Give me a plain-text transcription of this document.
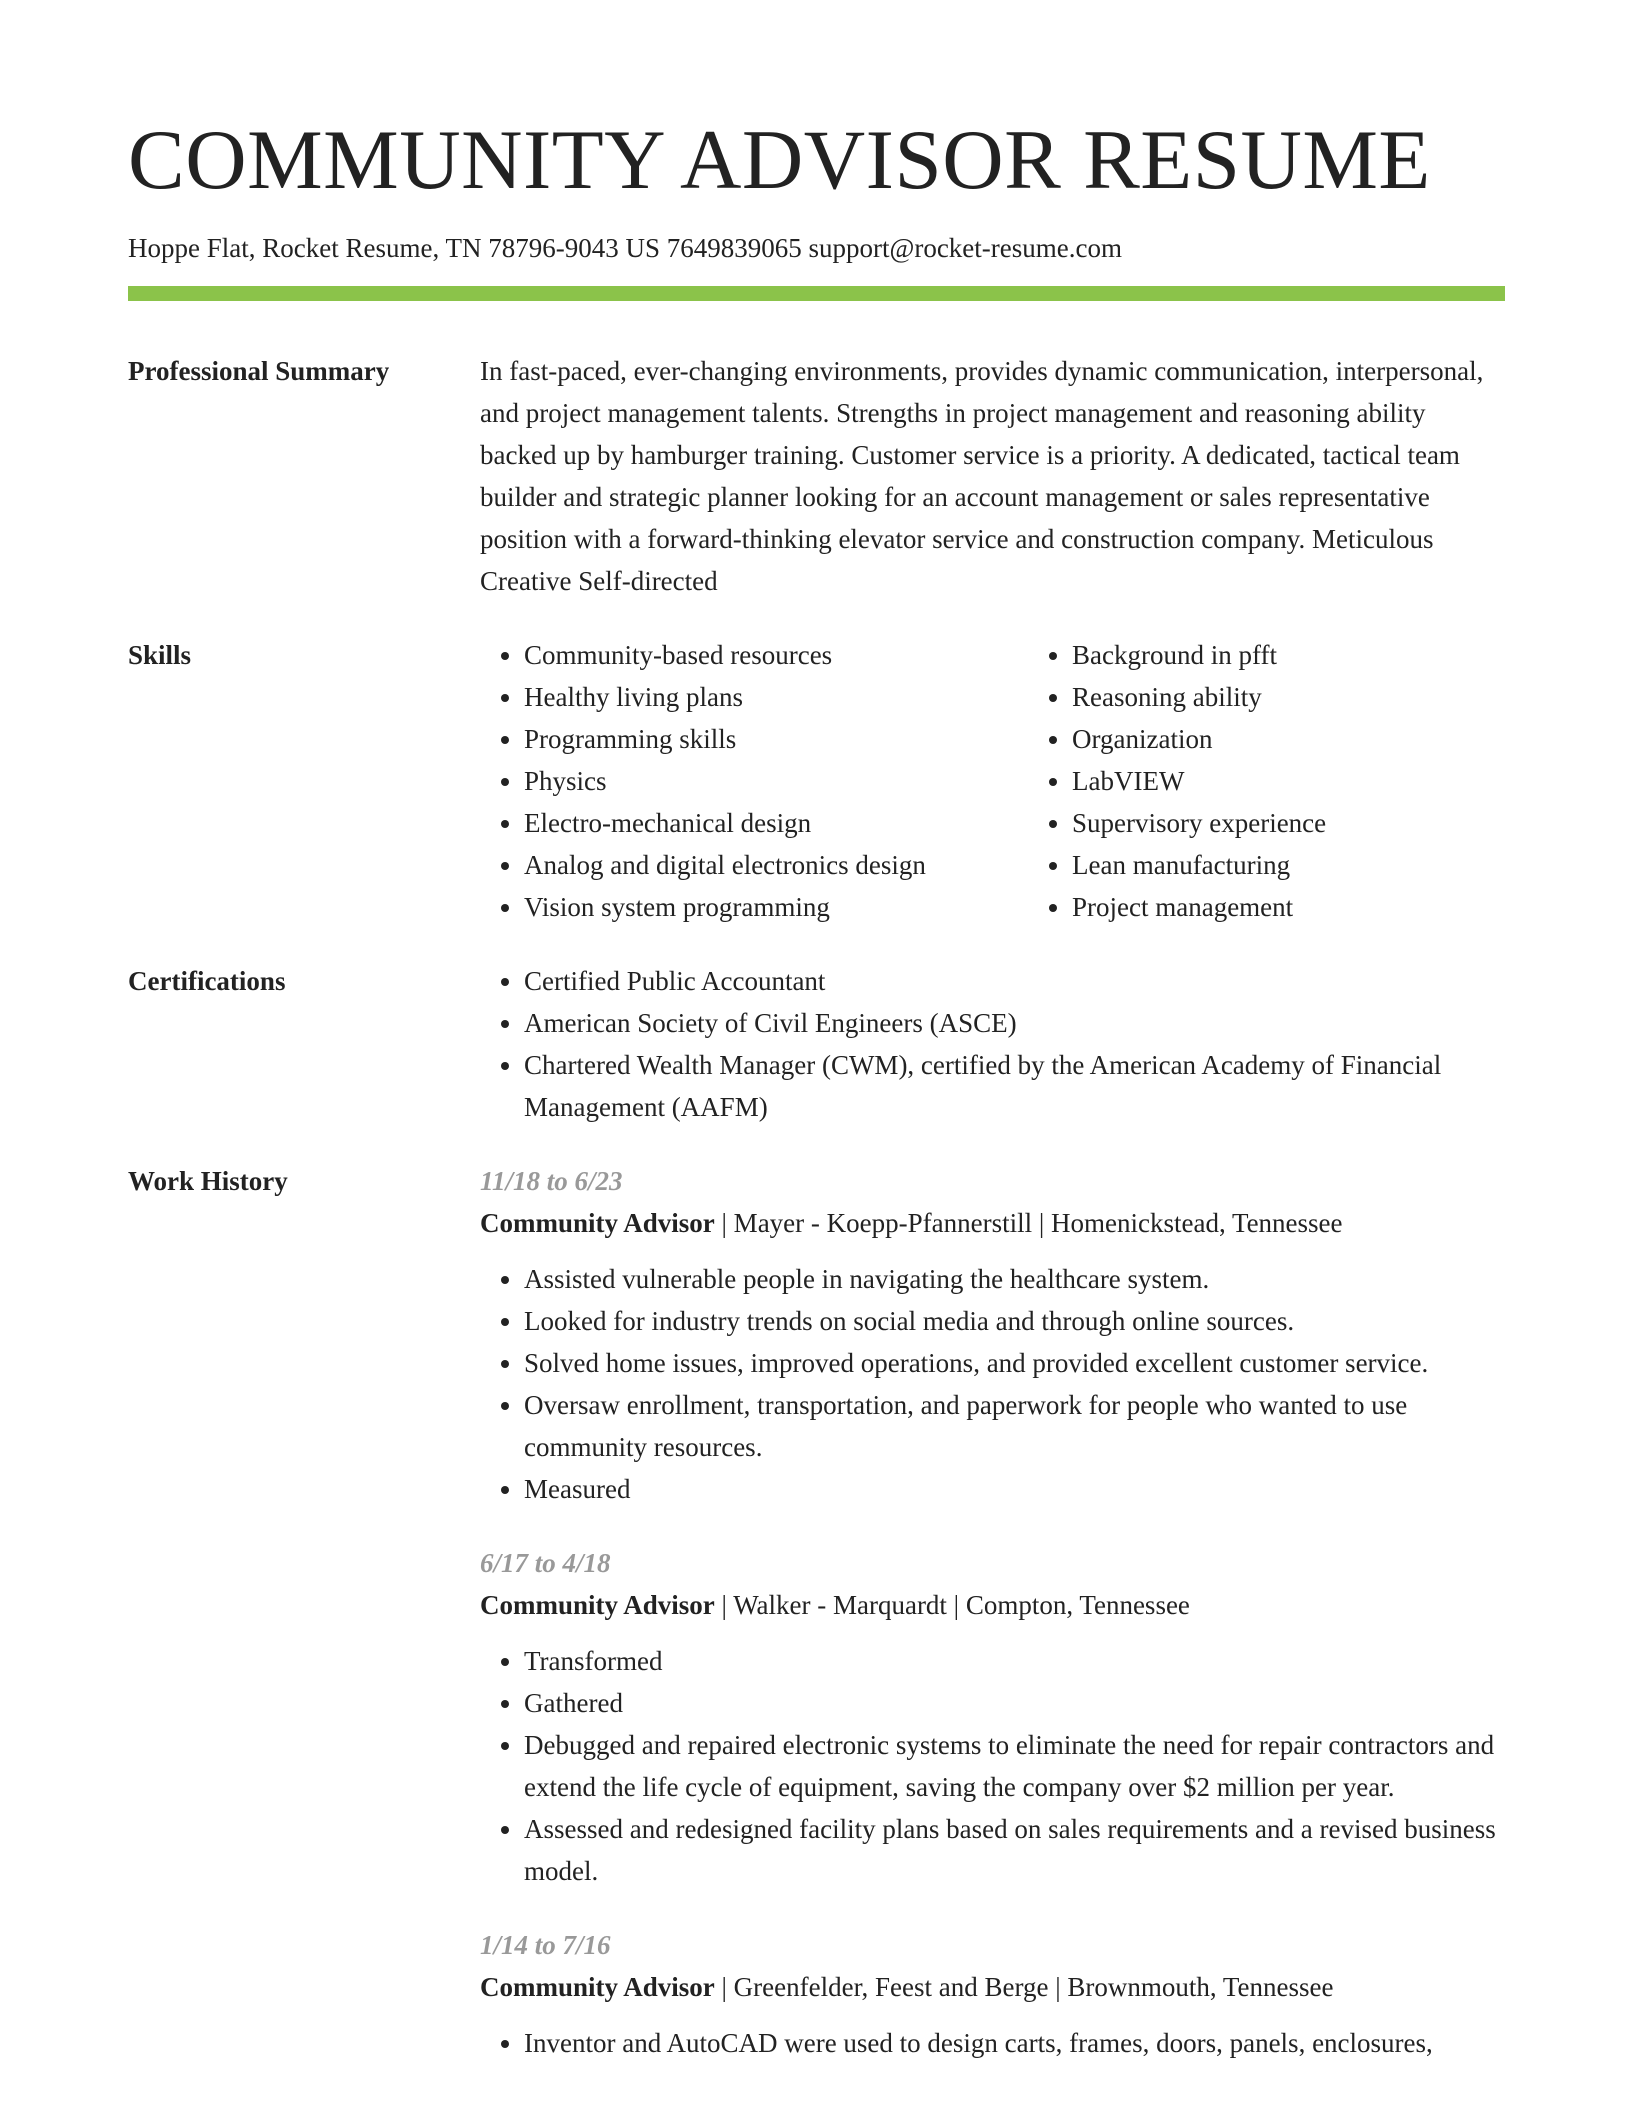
COMMUNITY ADVISOR RESUME
Hoppe Flat, Rocket Resume, TN 78796-9043 US 7649839065 support@rocket-resume.com
Professional Summary	In fast-paced, ever-changing environments, provides dynamic communication, interpersonal, and project management talents. Strengths in project management and reasoning ability backed up by hamburger training. Customer service is a priority. A dedicated, tactical team builder and strategic planner looking for an account management or sales representative position with a forward-thinking elevator service and construction company. Meticulous Creative Self-directed

Skills	• Community-based resources
• Healthy living plans
• Programming skills
• Physics
• Electro-mechanical design
• Analog and digital electronics design
• Vision system programming
• Background in pfft
• Reasoning ability
• Organization
• LabVIEW
• Supervisory experience
• Lean manufacturing
• Project management
Certifications	• Certified Public Accountant
• American Society of Civil Engineers (ASCE)
• Chartered Wealth Manager (CWM), certified by the American Academy of Financial Management (AAFM)
Work History	11/18 to 6/23
Community Advisor | Mayer - Koepp-Pfannerstill | Homenickstead, Tennessee
• Assisted vulnerable people in navigating the healthcare system.
• Looked for industry trends on social media and through online sources.
• Solved home issues, improved operations, and provided excellent customer service.
• Oversaw enrollment, transportation, and paperwork for people who wanted to use community resources.
• Measured
6/17 to 4/18
Community Advisor | Walker - Marquardt | Compton, Tennessee
• Transformed
• Gathered
• Debugged and repaired electronic systems to eliminate the need for repair contractors and extend the life cycle of equipment, saving the company over $2 million per year.
• Assessed and redesigned facility plans based on sales requirements and a revised business model.
1/14 to 7/16
Community Advisor | Greenfelder, Feest and Berge | Brownmouth, Tennessee
• Inventor and AutoCAD were used to design carts, frames, doors, panels, enclosures,
